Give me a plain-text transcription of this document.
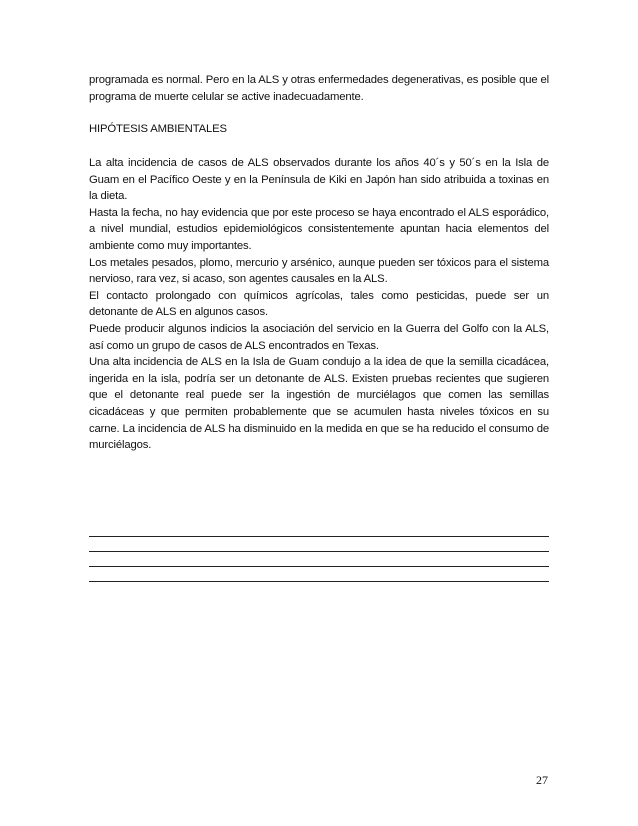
programada es normal. Pero en la ALS y otras enfermedades degenerativas, es posible que el programa de muerte celular se active inadecuadamente.

HIPÓTESIS AMBIENTALES

La alta incidencia de casos de ALS observados durante los años 40´s y 50´s en la Isla de Guam en el Pacífico Oeste y en la Península de Kiki en Japón han sido atribuida a toxinas en la dieta.

Hasta la fecha, no hay evidencia que por este proceso se haya encontrado el ALS esporádico, a nivel mundial, estudios epidemiológicos consistentemente apuntan hacia elementos del ambiente como muy importantes.

Los metales pesados, plomo, mercurio y arsénico, aunque pueden ser tóxicos para el sistema nervioso, rara vez, si acaso, son agentes causales en la ALS.

El contacto prolongado con químicos agrícolas, tales como pesticidas, puede ser un detonante de ALS en algunos casos.

Puede producir algunos indicios la asociación del servicio en la Guerra del Golfo con la ALS, así como un grupo de casos de ALS encontrados en Texas.

Una alta incidencia de ALS en la Isla de Guam condujo a la idea de que la semilla cicadácea, ingerida en la isla, podría ser un detonante de ALS. Existen pruebas recientes que sugieren que el detonante real puede ser la ingestión de murciélagos que comen las semillas cicadáceas y que permiten probablemente que se acumulen hasta niveles tóxicos en su carne. La incidencia de ALS ha disminuido en la medida en que se ha reducido el consumo de murciélagos.

27
